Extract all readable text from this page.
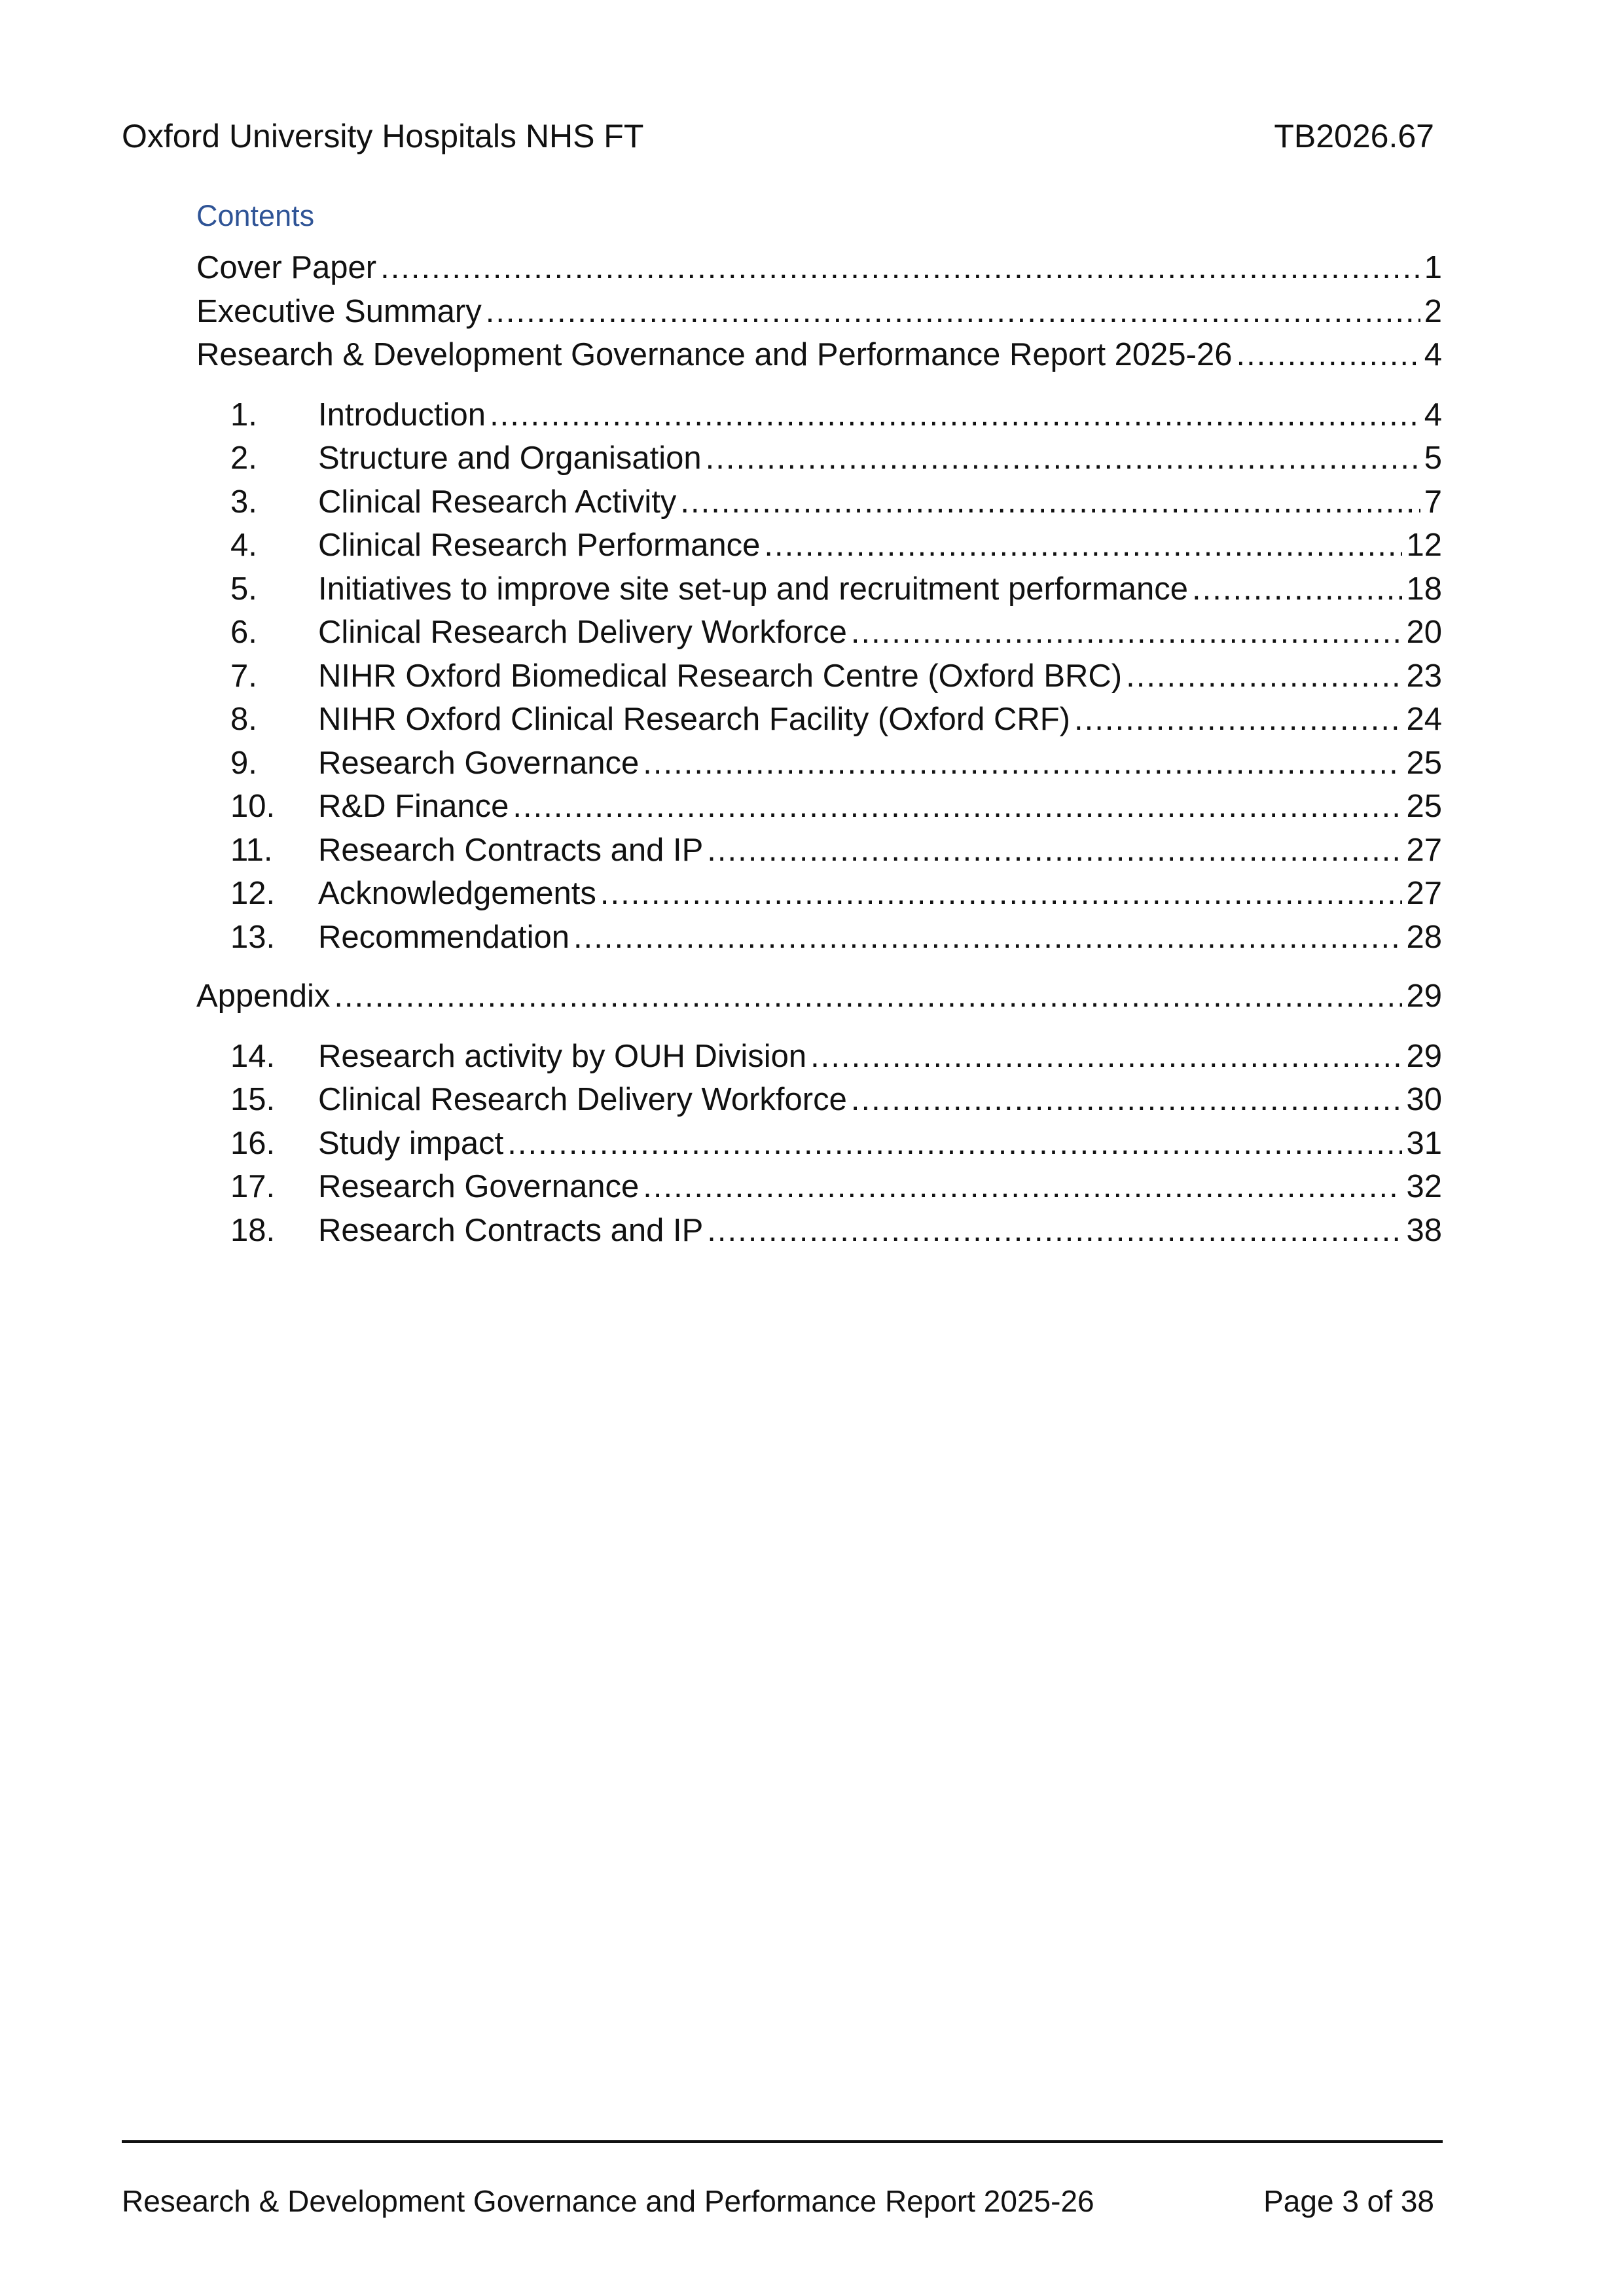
Oxford University Hospitals NHS FT	TB2026.67
Contents
Cover Paper .....	1
Executive Summary .....	2
Research & Development Governance and Performance Report 2025-26 .....	4
1.	Introduction .....	4
2.	Structure and Organisation .....	5
3.	Clinical Research Activity .....	7
4.	Clinical Research Performance .....	12
5.	Initiatives to improve site set-up and recruitment performance .....	18
6.	Clinical Research Delivery Workforce .....	20
7.	NIHR Oxford Biomedical Research Centre (Oxford BRC) .....	23
8.	NIHR Oxford Clinical Research Facility (Oxford CRF) .....	24
9.	Research Governance .....	25
10.	R&D Finance .....	25
11.	Research Contracts and IP .....	27
12.	Acknowledgements .....	27
13.	Recommendation .....	28
Appendix .....	29
14.	Research activity by OUH Division .....	29
15.	Clinical Research Delivery Workforce .....	30
16.	Study impact .....	31
17.	Research Governance .....	32
18.	Research Contracts and IP .....	38
Research & Development Governance and Performance Report 2025-26	Page 3 of 38
